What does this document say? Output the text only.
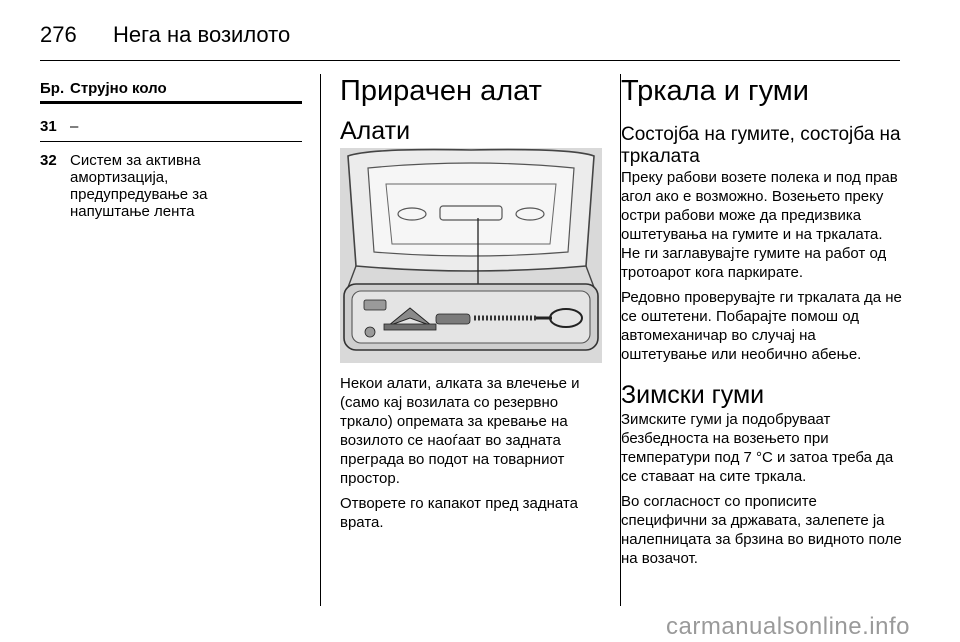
276 Нега на возилото
Бр. Струјно коло
31 –
32 Систем за активна
амортизација,
предупредување за
напуштање лента
Прирачен алат
Алати

Некои алати, алката за влечење и (само кај возилата со резервно тркало) опремата за кревање на возилото се наоѓаат во задната преграда во подот на товарниот простор.

Отворете го капакот пред задната врата.

Тркала и гуми
Состојба на гумите, состојба на тркалата

Преку рабови возете полека и под прав агол ако е возможно. Возењето преку остри рабови може да предизвика оштетувања на гумите и на тркалата. Не ги заглавувајте гумите на работ од тротоарот кога паркирате.

Редовно проверувајте ги тркалата да не се оштетени. Побарајте помош од автомеханичар во случај на оштетување или необично абење.

Зимски гуми

Зимските гуми ја подобруваат безбедноста на возењето при температури под 7 °C и затоа треба да се ставаат на сите тркала.

Во согласност со прописите специфични за државата, залепете ја налепницата за брзина во видното поле на возачот.

carmanualsonline.info
